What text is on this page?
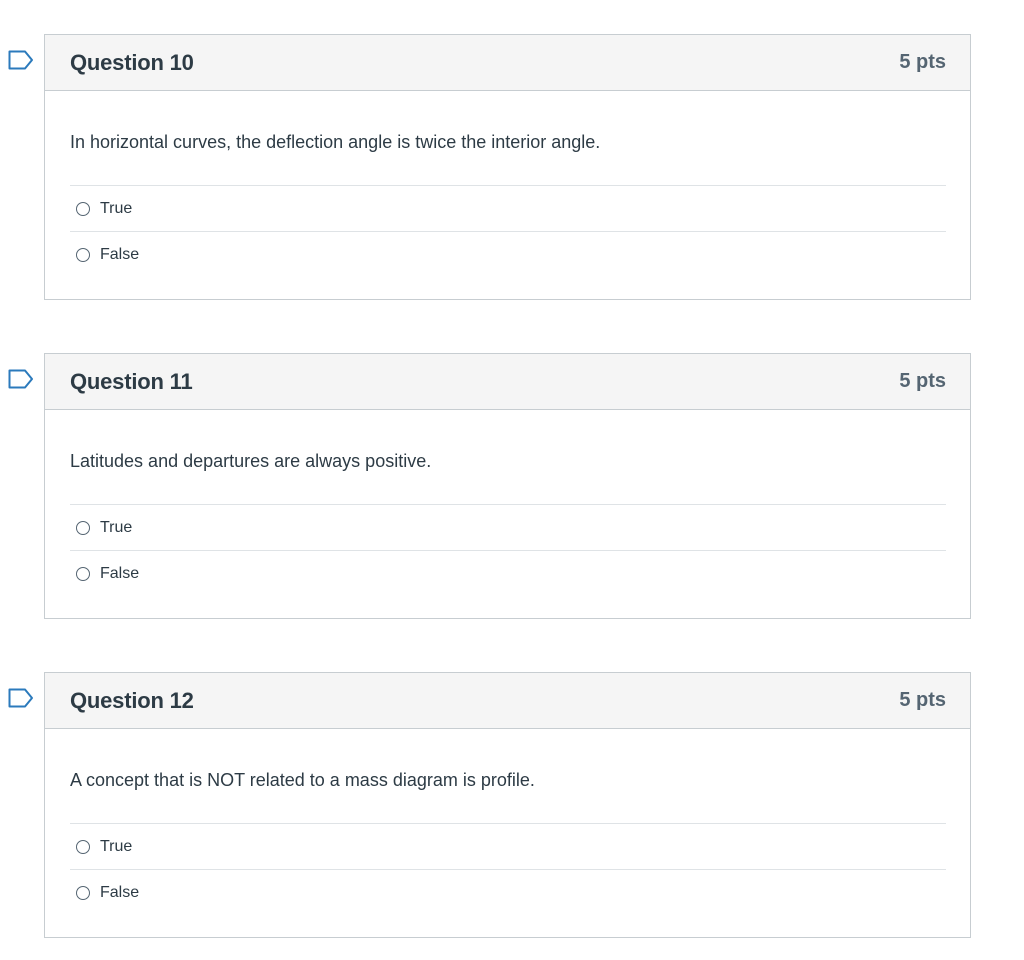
Question 10	5 pts

In horizontal curves, the deflection angle is twice the interior angle.

True
False
Question 11	5 pts

Latitudes and departures are always positive.

True
False
Question 12	5 pts

A concept that is NOT related to a mass diagram is profile.

True
False
